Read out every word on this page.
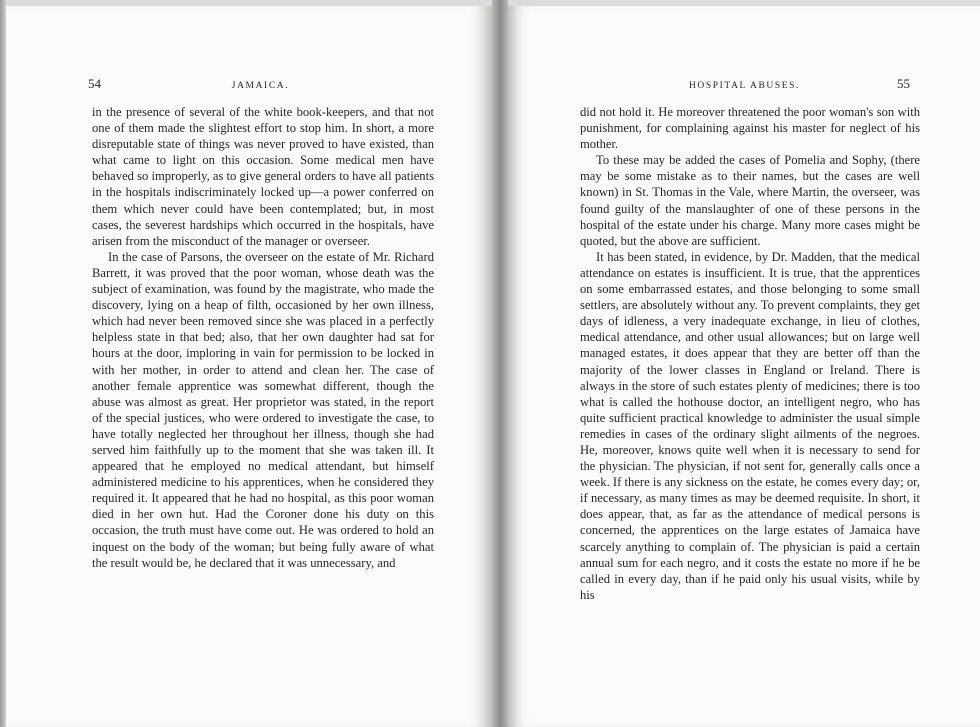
54	JAMAICA.

in the presence of several of the white book-keepers, and that not one of them made the slightest effort to stop him. In short, a more disreputable state of things was never proved to have existed, than what came to light on this occasion. Some medical men have behaved so improperly, as to give general orders to have all patients in the hospitals indiscriminately locked up—a power conferred on them which never could have been contemplated; but, in most cases, the severest hardships which occurred in the hospitals, have arisen from the misconduct of the manager or overseer.

In the case of Parsons, the overseer on the estate of Mr. Richard Barrett, it was proved that the poor woman, whose death was the subject of examination, was found by the magistrate, who made the discovery, lying on a heap of filth, occasioned by her own illness, which had never been removed since she was placed in a perfectly helpless state in that bed; also, that her own daughter had sat for hours at the door, imploring in vain for permission to be locked in with her mother, in order to attend and clean her. The case of another female apprentice was somewhat different, though the abuse was almost as great. Her proprietor was stated, in the report of the special justices, who were ordered to investigate the case, to have totally neglected her throughout her illness, though she had served him faithfully up to the moment that she was taken ill. It appeared that he employed no medical attendant, but himself administered medicine to his apprentices, when he considered they required it. It appeared that he had no hospital, as this poor woman died in her own hut. Had the Coroner done his duty on this occasion, the truth must have come out. He was ordered to hold an inquest on the body of the woman; but being fully aware of what the result would be, he declared that it was unnecessary, and

HOSPITAL ABUSES.	55

did not hold it. He moreover threatened the poor woman's son with punishment, for complaining against his master for neglect of his mother.

To these may be added the cases of Pomelia and Sophy, (there may be some mistake as to their names, but the cases are well known) in St. Thomas in the Vale, where Martin, the overseer, was found guilty of the manslaughter of one of these persons in the hospital of the estate under his charge. Many more cases might be quoted, but the above are sufficient.

It has been stated, in evidence, by Dr. Madden, that the medical attendance on estates is insufficient. It is true, that the apprentices on some embarrassed estates, and those belonging to some small settlers, are absolutely without any. To prevent complaints, they get days of idleness, a very inadequate exchange, in lieu of clothes, medical attendance, and other usual allowances; but on large well managed estates, it does appear that they are better off than the majority of the lower classes in England or Ireland. There is always in the store of such estates plenty of medicines; there is too what is called the hothouse doctor, an intelligent negro, who has quite sufficient practical knowledge to administer the usual simple remedies in cases of the ordinary slight ailments of the negroes. He, moreover, knows quite well when it is necessary to send for the physician. The physician, if not sent for, generally calls once a week. If there is any sickness on the estate, he comes every day; or, if necessary, as many times as may be deemed requisite. In short, it does appear, that, as far as the attendance of medical persons is concerned, the apprentices on the large estates of Jamaica have scarcely anything to complain of. The physician is paid a certain annual sum for each negro, and it costs the estate no more if he be called in every day, than if he paid only his usual visits, while by his
